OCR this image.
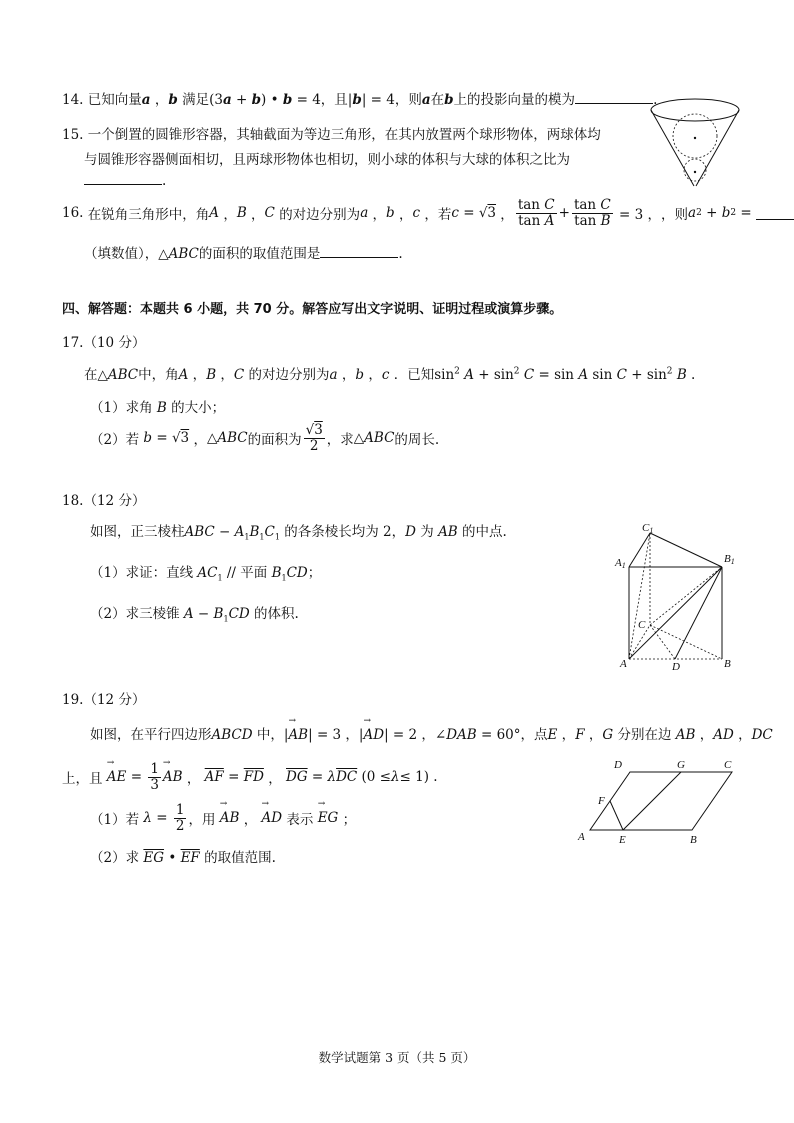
14. 已知向量a ，b 满足(3a + b) • b = 4，且|b| = 4，则a在b上的投影向量的模为	.
15. 一个倒置的圆锥形容器，其轴截面为等边三角形，在其内放置两个球形物体，两球体均
与圆锥形容器侧面相切，且两球形物体也相切，则小球的体积与大球的体积之比为
.
16.
在锐角三角形中，角 A ， B ， C
的对边分别为 a ， b ， c
，若 c = √ 3 ， $\frac{\text{tan C}}{\text{tan A}} + \frac{\text{tan C}}{\text{tan B}} = 3$ ， ，则 a 2 + b 2 =
（填数值），△ABC的面积的取值范围是	.
四、解答题：本题共 6 小题，共 70 分。解答应写出文字说明、证明过程或演算步骤。
17.（10 分）
在△ABC中，角A ，B ，C 的对边分别为a ，b ，c ．已知$\sin^2 A + \sin^2 C = \sin A$ $\sin C + \sin^2 B$ .
（1）求角 B 的大小；
（2）若
b = √ 3
， △ ABC 的面积为 $\frac{√3}{2}$ ，求 △ ABC 的周长.
18.（12 分）
如图，正三棱柱ABC − $A_1B_1C_1$ 的各条棱长均为 2，D 为 AB 的中点.
（1）求证：直线 $AC_1$ // 平面 $B_1CD$；
（2）求三棱锥 $A - B_1CD$ 的体积.
C1
A1
B1
C
A	D	B
19.（12 分）
如图，在平行四边形ABCD 中，|→ AB| = 3 ，|→ AD| = 2 ，∠DAB = 60°，点E ，F ，G 分别在边 AB ，AD ，DC
上，且
→ AE = $\frac{1}{3}$ → AB ， $\overline{AF} = \overline{FD}$ ， $\overline{DG} = \lambda$ $\overline{DC}$ (0 ≤ λ ≤ 1) .
（1）若
$\lambda = \frac{1}{2}$ ，用
→ AB ， → AD
表示
→ EG
；
（2）求 $\overline{EG}$ • $\overline{EF}$ 的取值范围.
A	E	B
C
G
D
F
数学试题第 3 页（共 5 页）
